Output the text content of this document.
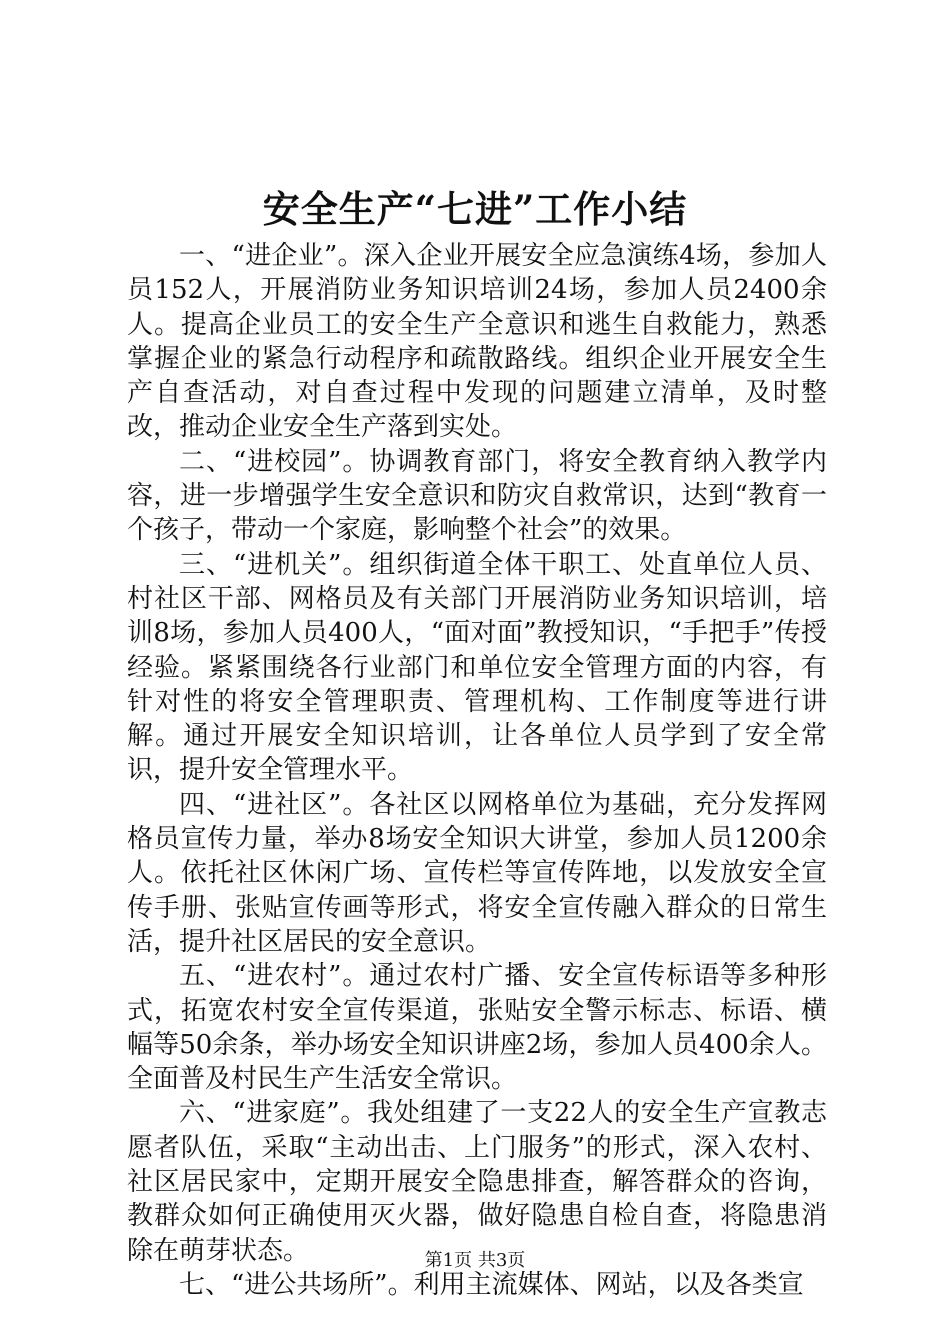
安全生产“七进”工作小结

一、“进企业”。深入企业开展安全应急演练4场，参加人员152人，开展消防业务知识培训24场，参加人员2400余人。提高企业员工的安全生产全意识和逃生自救能力，熟悉掌握企业的紧急行动程序和疏散路线。组织企业开展安全生产自查活动，对自查过程中发现的问题建立清单，及时整改，推动企业安全生产落到实处。

二、“进校园”。协调教育部门，将安全教育纳入教学内容，进一步增强学生安全意识和防灾自救常识，达到“教育一个孩子，带动一个家庭，影响整个社会”的效果。

三、“进机关”。组织街道全体干职工、处直单位人员、村社区干部、网格员及有关部门开展消防业务知识培训，培训8场，参加人员400人，“面对面”教授知识，“手把手”传授经验。紧紧围绕各行业部门和单位安全管理方面的内容，有针对性的将安全管理职责、管理机构、工作制度等进行讲解。通过开展安全知识培训，让各单位人员学到了安全常识，提升安全管理水平。

四、“进社区”。各社区以网格单位为基础，充分发挥网格员宣传力量，举办8场安全知识大讲堂，参加人员1200余人。依托社区休闲广场、宣传栏等宣传阵地，以发放安全宣传手册、张贴宣传画等形式，将安全宣传融入群众的日常生活，提升社区居民的安全意识。

五、“进农村”。通过农村广播、安全宣传标语等多种形式，拓宽农村安全宣传渠道，张贴安全警示标志、标语、横幅等50余条，举办场安全知识讲座2场，参加人员400余人。全面普及村民生产生活安全常识。

六、“进家庭”。我处组建了一支22人的安全生产宣教志愿者队伍，采取“主动出击、上门服务”的形式，深入农村、社区居民家中，定期开展安全隐患排查，解答群众的咨询，教群众如何正确使用灭火器，做好隐患自检自查，将隐患消除在萌芽状态。

七、“进公共场所”。利用主流媒体、网站，以及各类宣

第1页 共3页
